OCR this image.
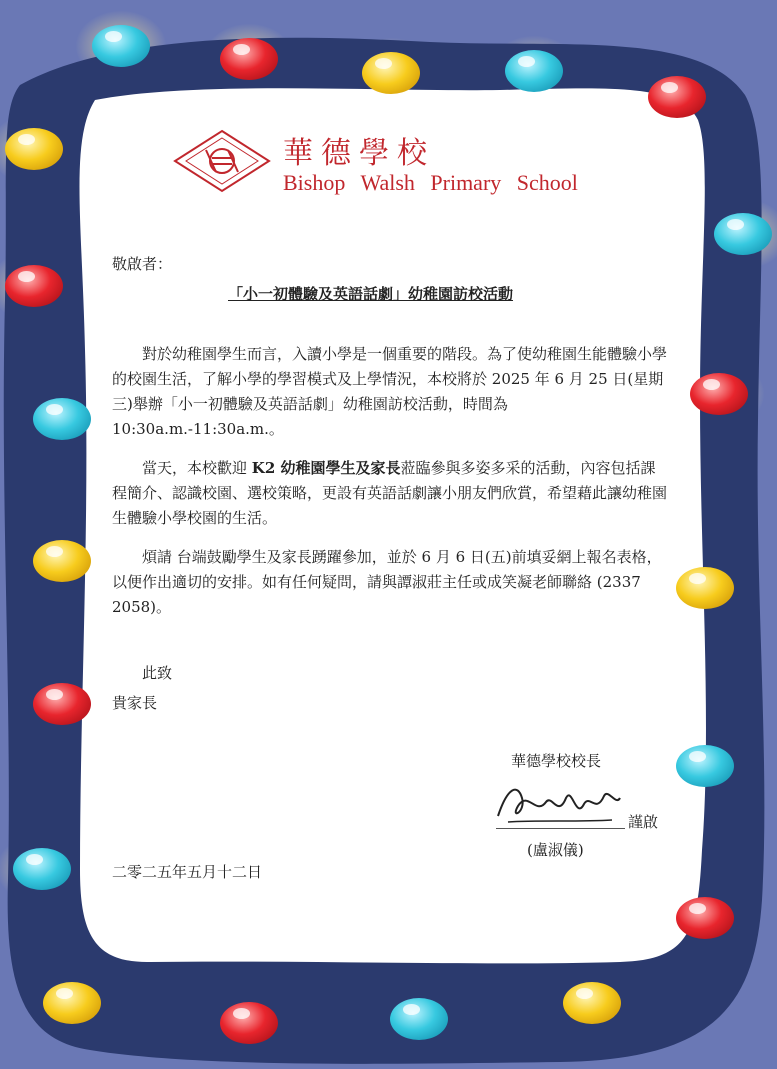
華德學校
Bishop Walsh Primary School
敬啟者：
「小一初體驗及英語話劇」幼稚園訪校活動
對於幼稚園學生而言，入讀小學是一個重要的階段。為了使幼稚園生能體驗小學的校園生活，了解小學的學習模式及上學情況，本校將於 2025 年 6 月 25 日(星期三)舉辦「小一初體驗及英語話劇」幼稚園訪校活動，時間為 10:30a.m.-11:30a.m.。
當天，本校歡迎 K2 幼稚園學生及家長蒞臨參與多姿多采的活動，內容包括課程簡介、認識校園、選校策略，更設有英語話劇讓小朋友們欣賞，希望藉此讓幼稚園生體驗小學校園的生活。
煩請 台端鼓勵學生及家長踴躍參加，並於 6 月 6 日(五)前填妥網上報名表格，以便作出適切的安排。如有任何疑問，請與譚淑莊主任或成笑凝老師聯絡 (2337 2058)。
此致
貴家長
華德學校校長
謹啟
(盧淑儀)
二零二五年五月十二日
